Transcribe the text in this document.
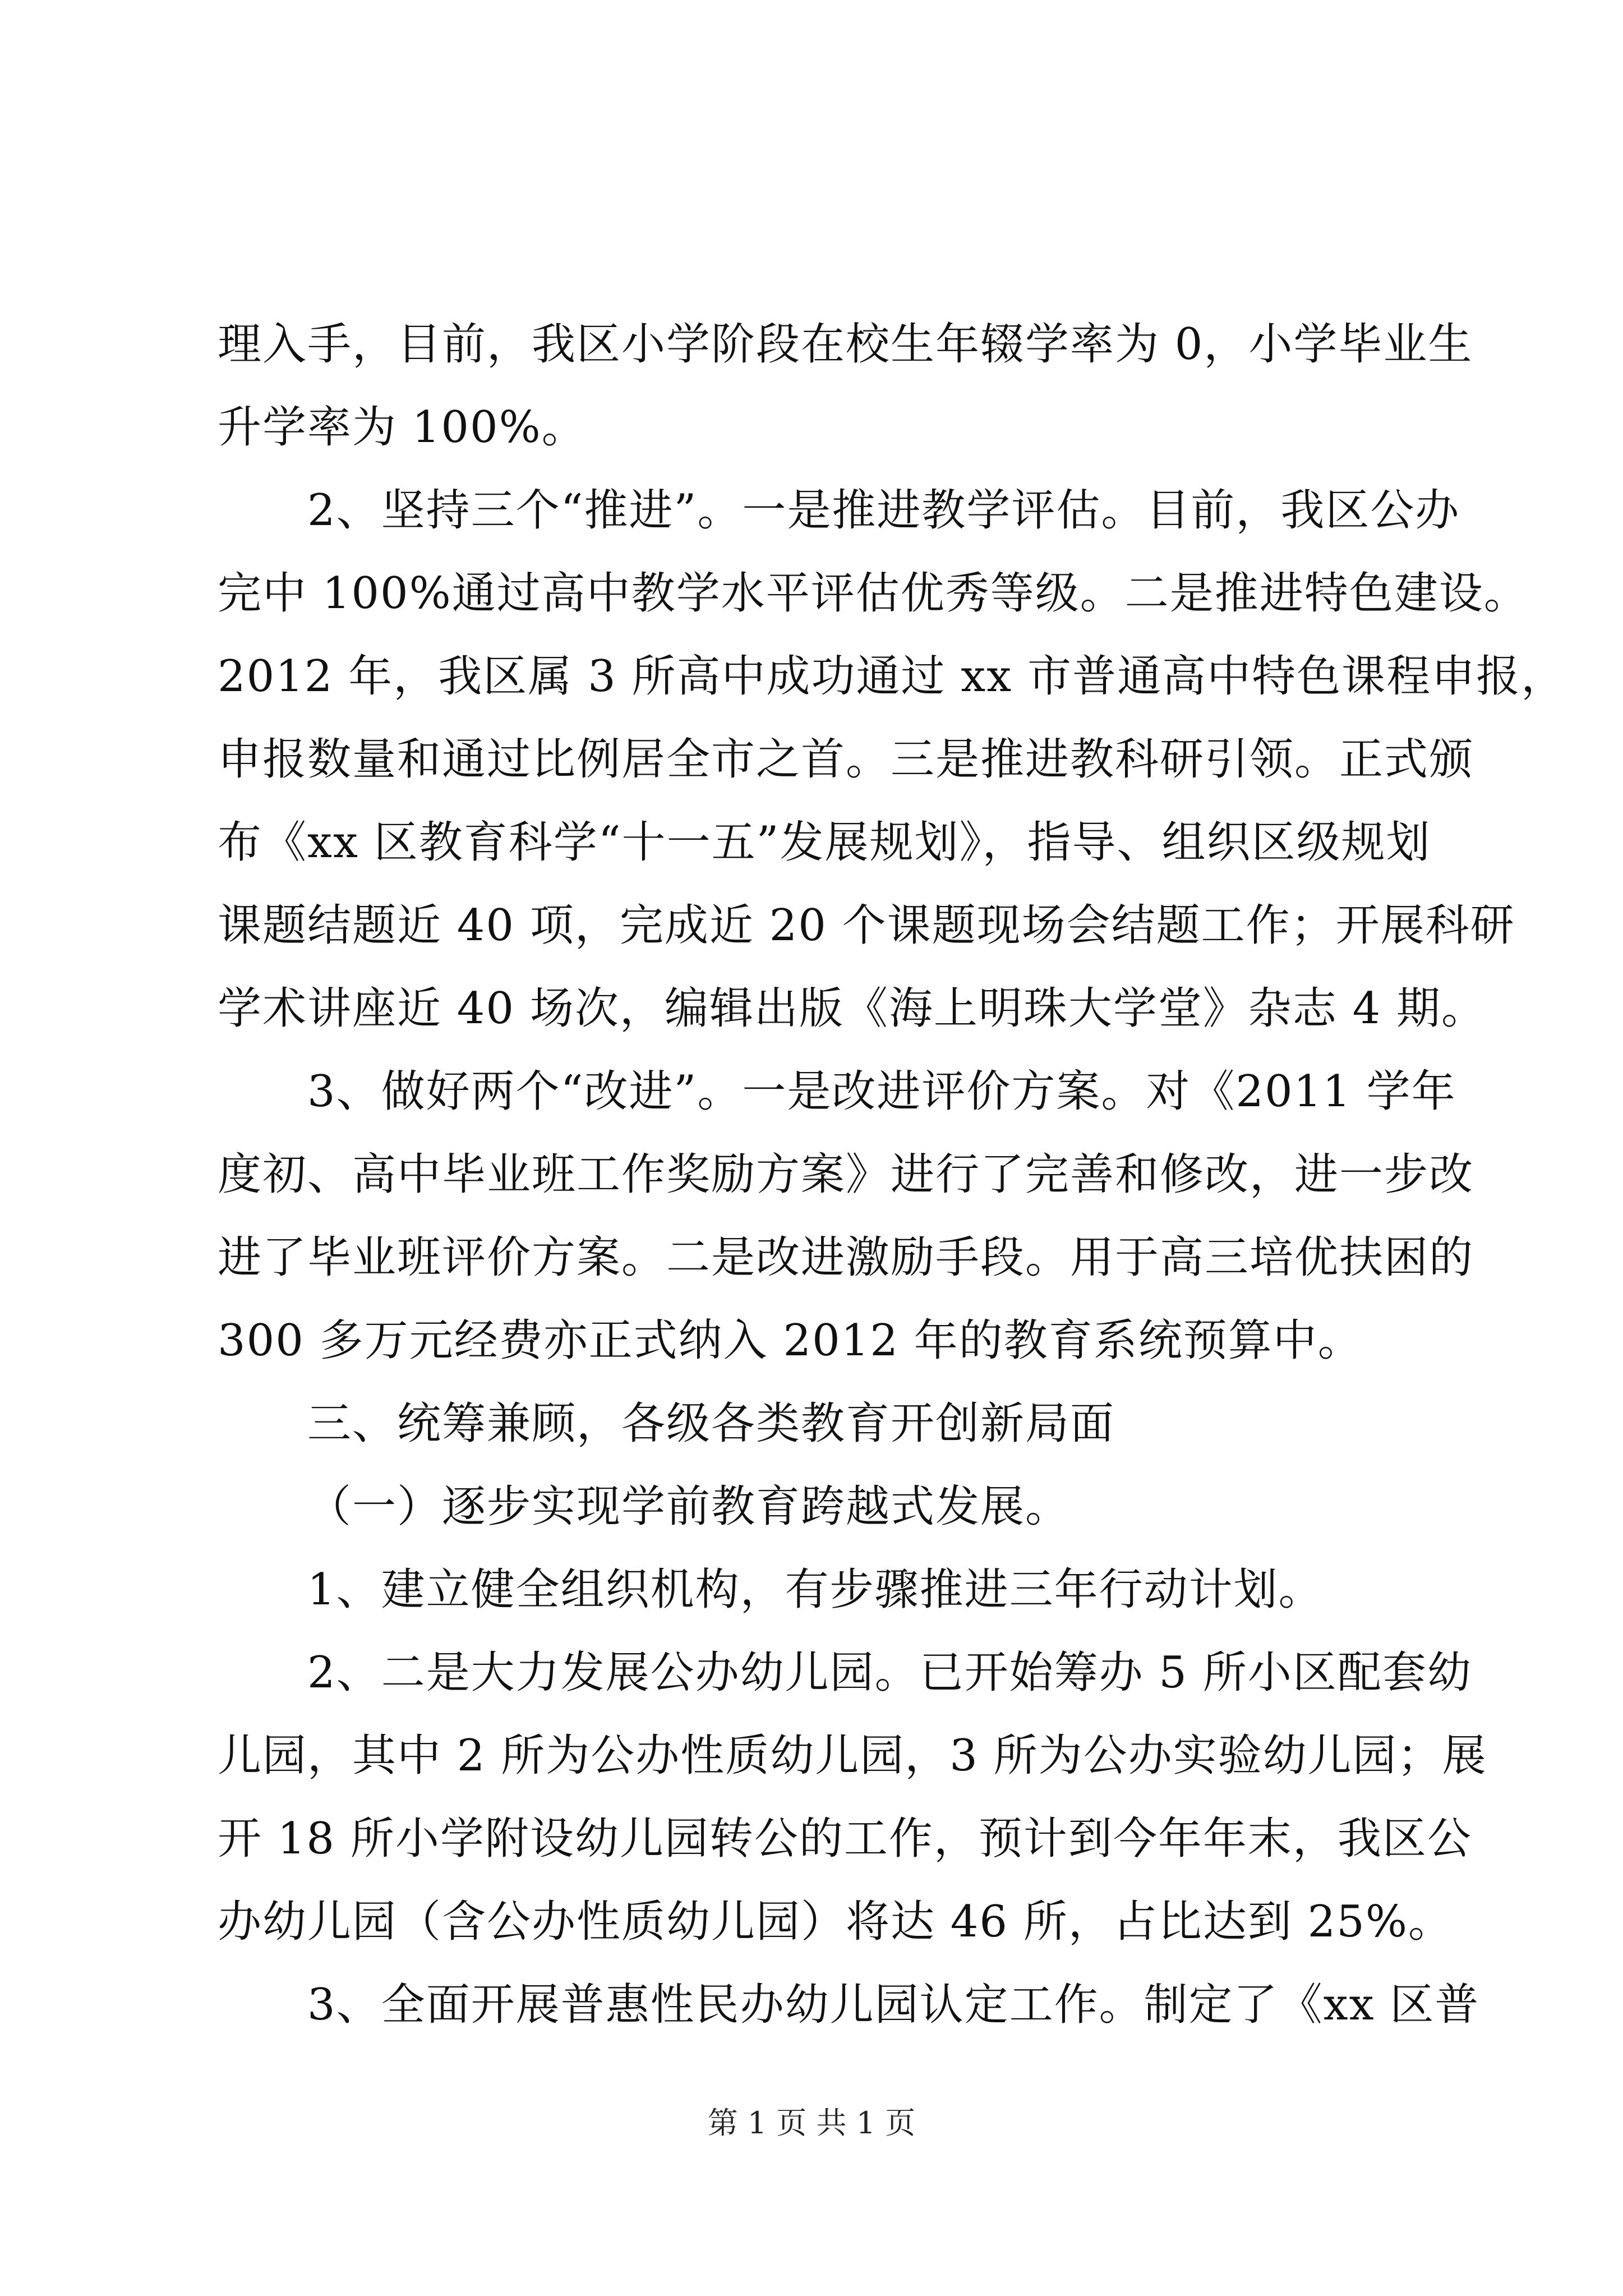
理入手，目前，我区小学阶段在校生年辍学率为 0，小学毕业生
升学率为 100%。
2、坚持三个“推进”。一是推进教学评估。目前，我区公办
完中 100%通过高中教学水平评估优秀等级。二是推进特色建设。
2012 年，我区属 3 所高中成功通过 xx 市普通高中特色课程申报，
申报数量和通过比例居全市之首。三是推进教科研引领。正式颁
布《xx 区教育科学“十一五”发展规划》，指导、组织区级规划
课题结题近 40 项，完成近 20 个课题现场会结题工作；开展科研
学术讲座近 40 场次，编辑出版《海上明珠大学堂》杂志 4 期。
3、做好两个“改进”。一是改进评价方案。对《2011 学年
度初、高中毕业班工作奖励方案》进行了完善和修改，进一步改
进了毕业班评价方案。二是改进激励手段。用于高三培优扶困的
300 多万元经费亦正式纳入 2012 年的教育系统预算中。
三、统筹兼顾，各级各类教育开创新局面
（一）逐步实现学前教育跨越式发展。
1、建立健全组织机构，有步骤推进三年行动计划。
2、二是大力发展公办幼儿园。已开始筹办 5 所小区配套幼
儿园，其中 2 所为公办性质幼儿园，3 所为公办实验幼儿园；展
开 18 所小学附设幼儿园转公的工作，预计到今年年末，我区公
办幼儿园（含公办性质幼儿园）将达 46 所，占比达到 25%。
3、全面开展普惠性民办幼儿园认定工作。制定了《xx 区普
第 1 页 共 1 页
